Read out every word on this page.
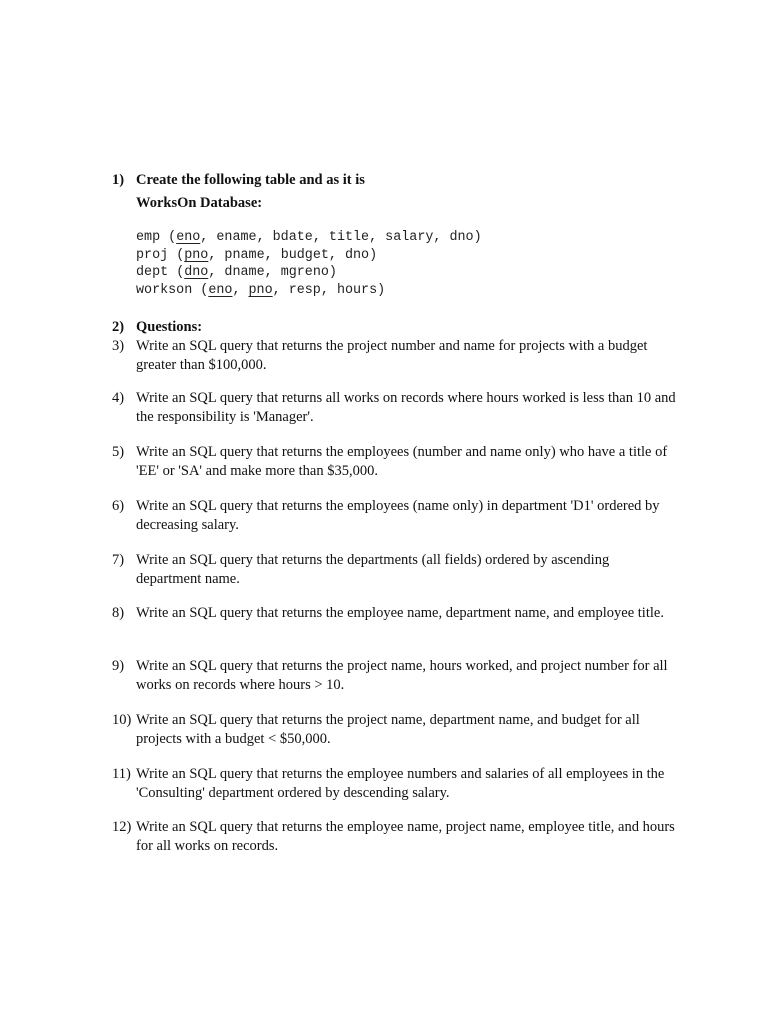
1) Create the following table and as it is
WorksOn Database:
emp (eno, ename, bdate, title, salary, dno)
proj (pno, pname, budget, dno)
dept (dno, dname, mgreno)
workson (eno, pno, resp, hours)
2) Questions:
3) Write an SQL query that returns the project number and name for projects with a budget greater than $100,000.
4) Write an SQL query that returns all works on records where hours worked is less than 10 and the responsibility is 'Manager'.
5) Write an SQL query that returns the employees (number and name only) who have a title of 'EE' or 'SA' and make more than $35,000.
6) Write an SQL query that returns the employees (name only) in department 'D1' ordered by decreasing salary.
7) Write an SQL query that returns the departments (all fields) ordered by ascending department name.
8) Write an SQL query that returns the employee name, department name, and employee title.
9) Write an SQL query that returns the project name, hours worked, and project number for all works on records where hours > 10.
10) Write an SQL query that returns the project name, department name, and budget for all projects with a budget < $50,000.
11) Write an SQL query that returns the employee numbers and salaries of all employees in the 'Consulting' department ordered by descending salary.
12) Write an SQL query that returns the employee name, project name, employee title, and hours for all works on records.
